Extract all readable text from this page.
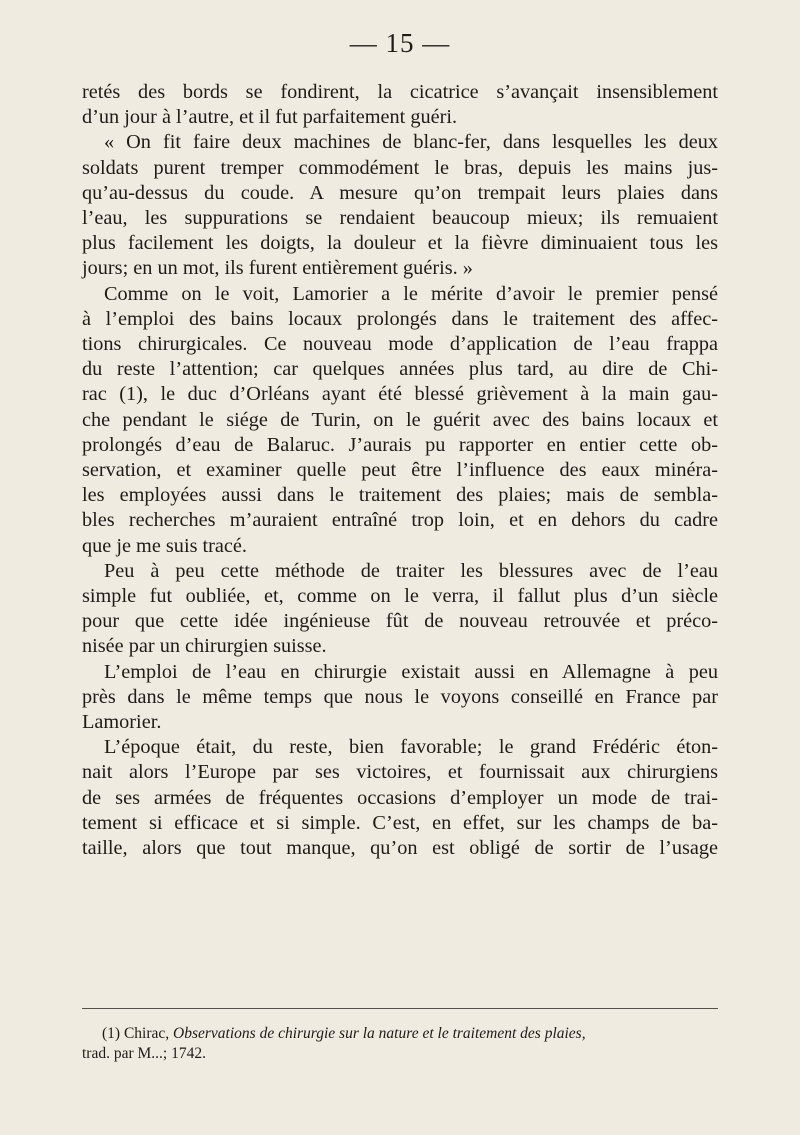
— 15 —
retés des bords se fondirent, la cicatrice s’avançait insensiblement
d’un jour à l’autre, et il fut parfaitement guéri.
« On fit faire deux machines de blanc-fer, dans lesquelles les deux
soldats purent tremper commodément le bras, depuis les mains jus-
qu’au-dessus du coude. A mesure qu’on trempait leurs plaies dans
l’eau, les suppurations se rendaient beaucoup mieux; ils remuaient
plus facilement les doigts, la douleur et la fièvre diminuaient tous les
jours; en un mot, ils furent entièrement guéris. »
Comme on le voit, Lamorier a le mérite d’avoir le premier pensé
à l’emploi des bains locaux prolongés dans le traitement des affec-
tions chirurgicales. Ce nouveau mode d’application de l’eau frappa
du reste l’attention; car quelques années plus tard, au dire de Chi-
rac (1), le duc d’Orléans ayant été blessé grièvement à la main gau-
che pendant le siége de Turin, on le guérit avec des bains locaux et
prolongés d’eau de Balaruc. J’aurais pu rapporter en entier cette ob-
servation, et examiner quelle peut être l’influence des eaux minéra-
les employées aussi dans le traitement des plaies; mais de sembla-
bles recherches m’auraient entraîné trop loin, et en dehors du cadre
que je me suis tracé.
Peu à peu cette méthode de traiter les blessures avec de l’eau
simple fut oubliée, et, comme on le verra, il fallut plus d’un siècle
pour que cette idée ingénieuse fût de nouveau retrouvée et préco-
nisée par un chirurgien suisse.
L’emploi de l’eau en chirurgie existait aussi en Allemagne à peu
près dans le même temps que nous le voyons conseillé en France par
Lamorier.
L’époque était, du reste, bien favorable; le grand Frédéric éton-
nait alors l’Europe par ses victoires, et fournissait aux chirurgiens
de ses armées de fréquentes occasions d’employer un mode de trai-
tement si efficace et si simple. C’est, en effet, sur les champs de ba-
taille, alors que tout manque, qu’on est obligé de sortir de l’usage
(1) Chirac, Observations de chirurgie sur la nature et le traitement des plaies,
trad. par M...; 1742.
